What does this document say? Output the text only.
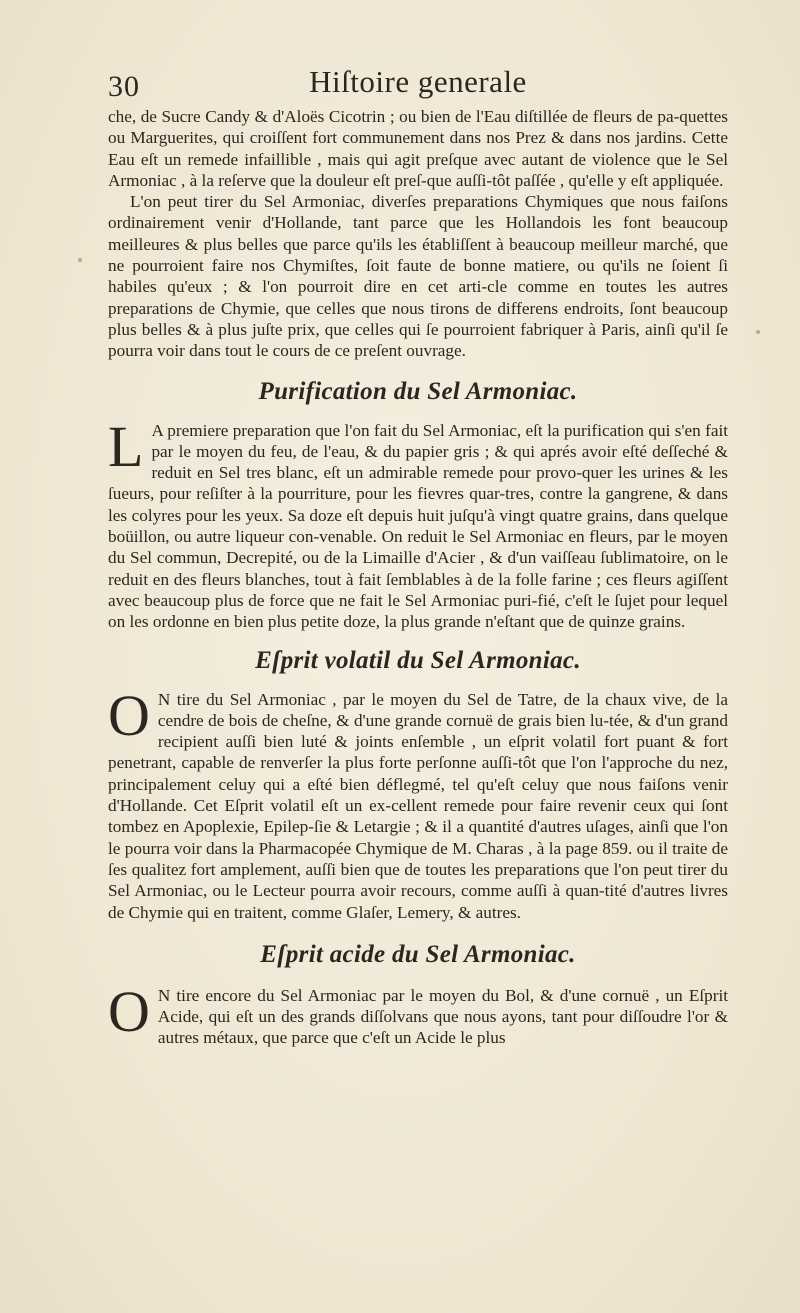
30	Hiſtoire generale

che, de Sucre Candy & d'Aloës Cicotrin ; ou bien de l'Eau diſtillée de fleurs de pa-quettes ou Marguerites, qui croiſſent fort communement dans nos Prez & dans nos jardins. Cette Eau eſt un remede infaillible , mais qui agit preſque avec autant de violence que le Sel Armoniac , à la reſerve que la douleur eſt preſ-que auſſi-tôt paſſée , qu'elle y eſt appliquée.

L'on peut tirer du Sel Armoniac, diverſes preparations Chymiques que nous faiſons ordinairement venir d'Hollande, tant parce que les Hollandois les font beaucoup meilleures & plus belles que parce qu'ils les établiſſent à beaucoup meilleur marché, que ne pourroient faire nos Chymiſtes, ſoit faute de bonne matiere, ou qu'ils ne ſoient ſi habiles qu'eux ; & l'on pourroit dire en cet arti-cle comme en toutes les autres preparations de Chymie, que celles que nous tirons de differens endroits, ſont beaucoup plus belles & à plus juſte prix, que celles qui ſe pourroient fabriquer à Paris, ainſi qu'il ſe pourra voir dans tout le cours de ce preſent ouvrage.

Purification du Sel Armoniac.

L A premiere preparation que l'on fait du Sel Armoniac, eſt la purification qui s'en fait par le moyen du feu, de l'eau, & du papier gris ; & qui aprés avoir eſté deſſeché & reduit en Sel tres blanc, eſt un admirable remede pour provo-quer les urines & les ſueurs, pour reſiſter à la pourriture, pour les fievres quar-tres, contre la gangrene, & dans les colyres pour les yeux. Sa doze eſt depuis huit juſqu'à vingt quatre grains, dans quelque boüillon, ou autre liqueur con-venable. On reduit le Sel Armoniac en fleurs, par le moyen du Sel commun, Decrepité, ou de la Limaille d'Acier , & d'un vaiſſeau ſublimatoire, on le reduit en des fleurs blanches, tout à fait ſemblables à de la folle farine ; ces fleurs agiſſent avec beaucoup plus de force que ne fait le Sel Armoniac puri-fié, c'eſt le ſujet pour lequel on les ordonne en bien plus petite doze, la plus grande n'eſtant que de quinze grains.

Eſprit volatil du Sel Armoniac.

O N tire du Sel Armoniac , par le moyen du Sel de Tatre, de la chaux vive, de la cendre de bois de cheſne, & d'une grande cornuë de grais bien lu-tée, & d'un grand recipient auſſi bien luté & joints enſemble , un eſprit volatil fort puant & fort penetrant, capable de renverſer la plus forte perſonne auſſi-tôt que l'on l'approche du nez, principalement celuy qui a eſté bien déflegmé, tel qu'eſt celuy que nous faiſons venir d'Hollande. Cet Eſprit volatil eſt un ex-cellent remede pour faire revenir ceux qui ſont tombez en Apoplexie, Epilep-ſie & Letargie ; & il a quantité d'autres uſages, ainſi que l'on le pourra voir dans la Pharmacopée Chymique de M. Charas , à la page 859. ou il traite de ſes qualitez fort amplement, auſſi bien que de toutes les preparations que l'on peut tirer du Sel Armoniac, ou le Lecteur pourra avoir recours, comme auſſi à quan-tité d'autres livres de Chymie qui en traitent, comme Glaſer, Lemery, & autres.

Eſprit acide du Sel Armoniac.

O N tire encore du Sel Armoniac par le moyen du Bol, & d'une cornuë , un Eſprit Acide, qui eſt un des grands diſſolvans que nous ayons, tant pour diſſoudre l'or & autres métaux, que parce que c'eſt un Acide le plus
